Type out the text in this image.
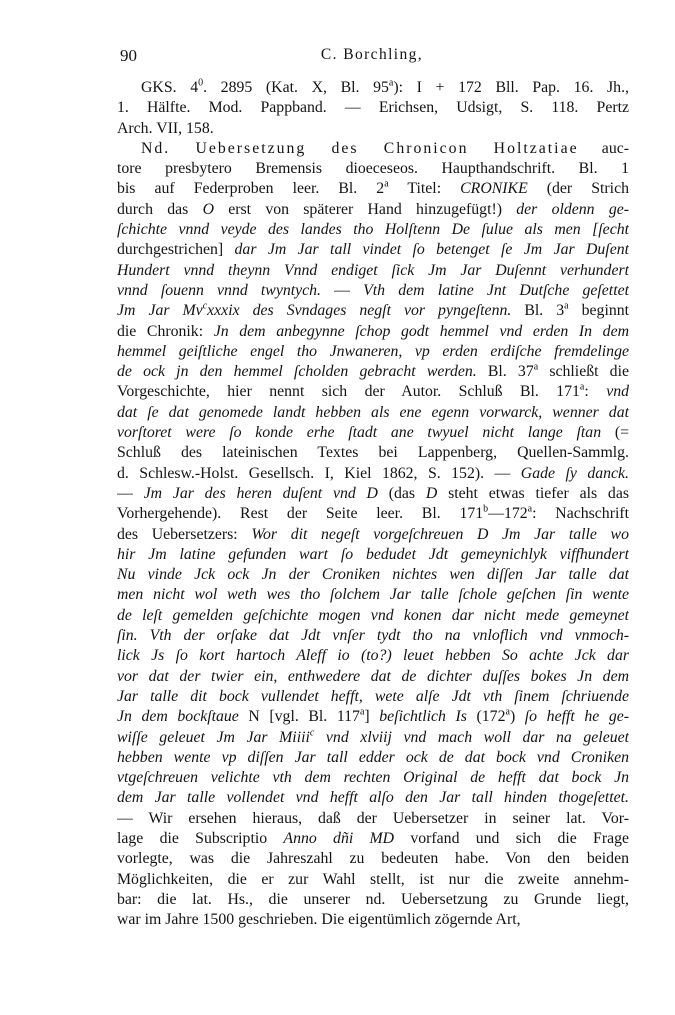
90	C. Borchling,
GKS. $4^0$. 2895 (Kat. X, Bl. 95$^a$): I + 172 Bll. Pap. 16. Jh.,
1. Hälfte. Mod. Pappband. — Erichsen, Udsigt, S. 118. Pertz
Arch. VII, 158.
Nd. Uebersetzung des Chronicon Holtzatiae auc-
tore presbytero Bremensis dioeceseos. Haupthandschrift. Bl. 1
bis auf Federproben leer. Bl. 2$^a$ Titel: CRONIKE (der Strich
durch das O erst von späterer Hand hinzugefügt!) der oldenn ge-
ſchichte vnnd veyde des landes tho Holſtenn De ſulue als men [ſecht
durchgestrichen] dar Jm Jar tall vindet ſo betenget ſe Jm Jar Duſent
Hundert vnnd theynn Vnnd endiget ſick Jm Jar Duſennt verhundert
vnnd ſouenn vnnd twyntych. — Vth dem latine Jnt Dutſche geſettet
Jm Jar Mv$^c$xxxix des Svndages negſt vor pyngeſtenn. Bl. 3$^a$ beginnt
die Chronik: Jn dem anbegynne ſchop godt hemmel vnd erden In dem
hemmel geiſtliche engel tho Jnwaneren, vp erden erdiſche fremdelinge
de ock jn den hemmel ſcholden gebracht werden. Bl. 37$^a$ schließt die
Vorgeschichte, hier nennt sich der Autor. Schluß Bl. 171$^a$: vnd
dat ſe dat genomede landt hebben als ene egenn vorwarck, wenner dat
vorſtoret were ſo konde erhe ſtadt ane twyuel nicht lange ſtan (=
Schluß des lateinischen Textes bei Lappenberg, Quellen-Sammlg.
d. Schlesw.-Holst. Gesellsch. I, Kiel 1862, S. 152). — Gade ſy danck.
— Jm Jar des heren duſent vnd D (das D steht etwas tiefer als das
Vorhergehende). Rest der Seite leer. Bl. 171$^b$—172$^a$: Nachschrift
des Uebersetzers: Wor dit negeſt vorgeſchreuen D Jm Jar talle wo
hir Jm latine gefunden wart ſo bedudet Jdt gemeynichlyk viffhundert
Nu vinde Jck ock Jn der Croniken nichtes wen diſſen Jar talle dat
men nicht wol weth wes tho ſolchem Jar talle ſchole geſchen ſin wente
de leſt gemelden geſchichte mogen vnd konen dar nicht mede gemeynet
ſin. Vth der orſake dat Jdt vnſer tydt tho na vnloflich vnd vnmoch-
lick Js ſo kort hartoch Aleff io (to?) leuet hebben So achte Jck dar
vor dat der twier ein, enthwedere dat de dichter duſſes bokes Jn dem
Jar talle dit bock vullendet hefft, wete alſe Jdt vth ſinem ſchriuende
Jn dem bockſtaue N [vgl. Bl. 117$^a$] beſichtlich Is (172$^a$) ſo hefft he ge-
wiſſe geleuet Jm Jar Miiii$^c$ vnd xlviij vnd mach woll dar na geleuet
hebben wente vp diſſen Jar tall edder ock de dat bock vnd Croniken
vtgeſchreuen velichte vth dem rechten Original de hefft dat bock Jn
dem Jar talle vollendet vnd hefft alſo den Jar tall hinden thogeſettet.
— Wir ersehen hieraus, daß der Uebersetzer in seiner lat. Vor-
lage die Subscriptio Anno dñi MD vorfand und sich die Frage
vorlegte, was die Jahreszahl zu bedeuten habe. Von den beiden
Möglichkeiten, die er zur Wahl stellt, ist nur die zweite annehm-
bar: die lat. Hs., die unserer nd. Uebersetzung zu Grunde liegt,
war im Jahre 1500 geschrieben. Die eigentümlich zögernde Art,
